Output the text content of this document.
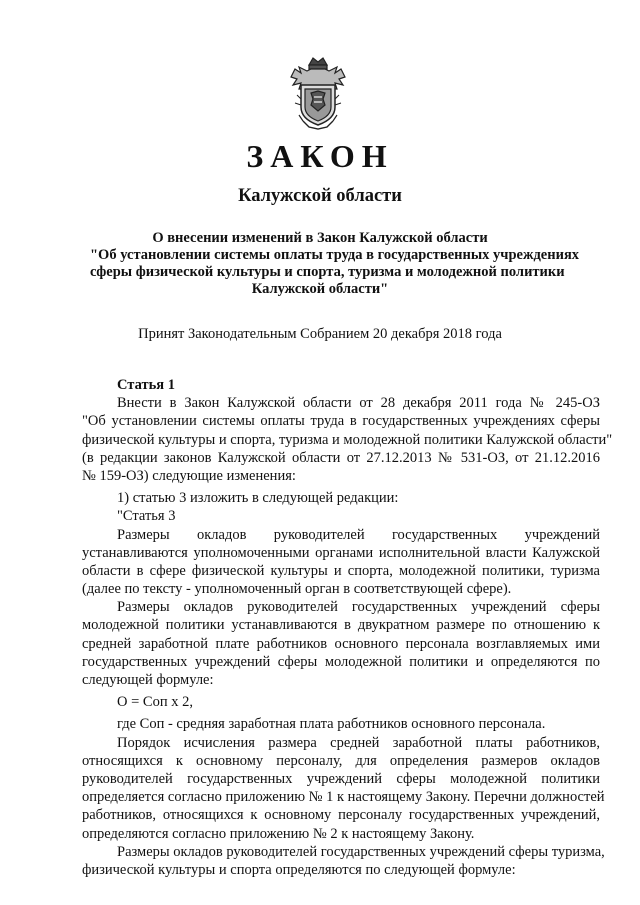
ЗАКОН
Калужской области
О внесении изменений в Закон Калужской области
"Об установлении системы оплаты труда в государственных учреждениях
сферы физической культуры и спорта, туризма и молодежной политики
Калужской области"
Принят Законодательным Собранием 20 декабря 2018 года
Статья 1
Внести в Закон Калужской области от 28 декабря 2011 года № 245-ОЗ
"Об установлении системы оплаты труда в государственных учреждениях сферы
физической культуры и спорта, туризма и молодежной политики Калужской области"
(в редакции законов Калужской области от 27.12.2013 № 531-ОЗ, от 21.12.2016
№ 159-ОЗ) следующие изменения:
1) статью 3 изложить в следующей редакции:
"Статья 3
Размеры окладов руководителей государственных учреждений
устанавливаются уполномоченными органами исполнительной власти Калужской
области в сфере физической культуры и спорта, молодежной политики, туризма
(далее по тексту - уполномоченный орган в соответствующей сфере).
Размеры окладов руководителей государственных учреждений сферы
молодежной политики устанавливаются в двукратном размере по отношению к
средней заработной плате работников основного персонала возглавляемых ими
государственных учреждений сферы молодежной политики и определяются по
следующей формуле:
О = Соп х 2,
где Соп - средняя заработная плата работников основного персонала.
Порядок исчисления размера средней заработной платы работников,
относящихся к основному персоналу, для определения размеров окладов
руководителей государственных учреждений сферы молодежной политики
определяется согласно приложению № 1 к настоящему Закону. Перечни должностей
работников, относящихся к основному персоналу государственных учреждений,
определяются согласно приложению № 2 к настоящему Закону.
Размеры окладов руководителей государственных учреждений сферы туризма,
физической культуры и спорта определяются по следующей формуле:
